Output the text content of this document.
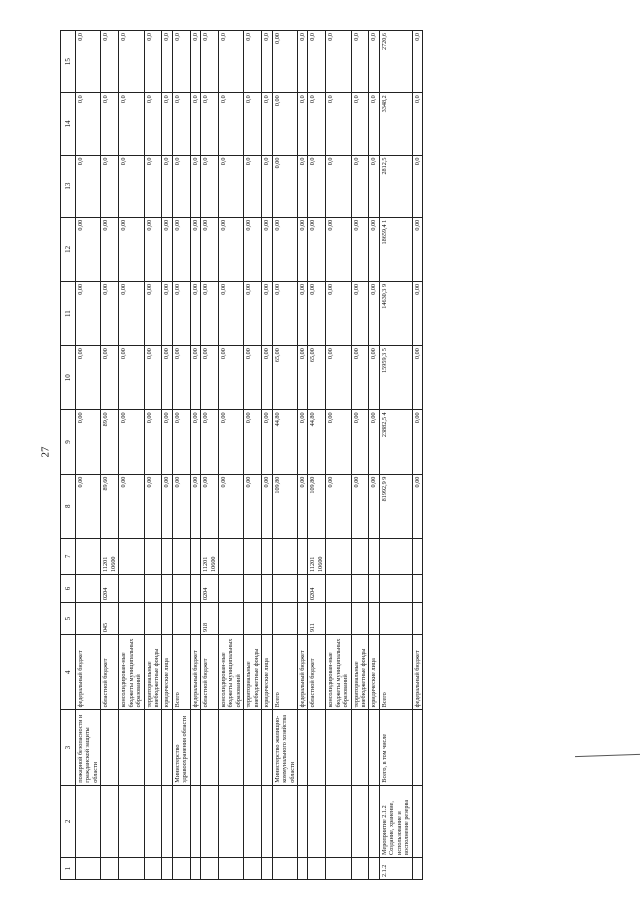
27
1	2	3	4	5	6	7	8	9	10	11	12	13	14	15
		пожарной безопасности и гражданской защиты области	федеральный бюджет				0,00	0,00	0,00	0,00	0,00	0,0	0,0	0,0
			областной бюджет	045	0204	11201 10600	89,60	89,60	0,00	0,00	0,00	0,0	0,0	0,0
			консолидирован-ные бюджеты муниципальных образований				0,00	0,00	0,00	0,00	0,00	0,0	0,0	0,0
			территориальные внебюджетные фонды				0,00	0,00	0,00	0,00	0,00	0,0	0,0	0,0
			юридические лица				0,00	0,00	0,00	0,00	0,00	0,0	0,0	0,0
		Министерство здравоохранения области	Всего				0,00	0,00	0,00	0,00	0,00	0,0	0,0	0,0
			федеральный бюджет				0,00	0,00	0,00	0,00	0,00	0,0	0,0	0,0
			областной бюджет	918	0204	11201 10600	0,00	0,00	0,00	0,00	0,00	0,0	0,0	0,0
			консолидирован-ные бюджеты муниципальных образований				0,00	0,00	0,00	0,00	0,00	0,0	0,0	0,0
			территориальные внебюджетные фонды				0,00	0,00	0,00	0,00	0,00	0,0	0,0	0,0
			юридические лица				0,00	0,00	0,00	0,00	0,00	0,0	0,0	0,0
		Министерство жилищно-коммунального хозяйства области	Всего				109,80	44,80	65,00	0,00	0,00	0,00	0,00	0,00
			федеральный бюджет				0,00	0,00	0,00	0,00	0,00	0,0	0,0	0,0
			областной бюджет	911	0204	11201 10600	109,80	44,80	65,00	0,00	0,00	0,0	0,0	0,0
			консолидирован-ные бюджеты муниципальных образований				0,00	0,00	0,00	0,00	0,00	0,0	0,0	0,0
			территориальные внебюджетные фонды				0,00	0,00	0,00	0,00	0,00	0,0	0,0	0,0
			юридические лица				0,00	0,00	0,00	0,00	0,00	0,0	0,0	0,0
2.1.2	Мероприятие 2.1.2 Создание, хранение, использование и восполнение резерва	Всего, в том числе	Всего				81992,9 9	23882,5 4	15959,3 5	14630,3 9	18659,4 1	2812,5	3348,2	2720,6
			федеральный бюджет				0,00	0,00	0,00	0,00	0,00	0,0	0,0	0,0
